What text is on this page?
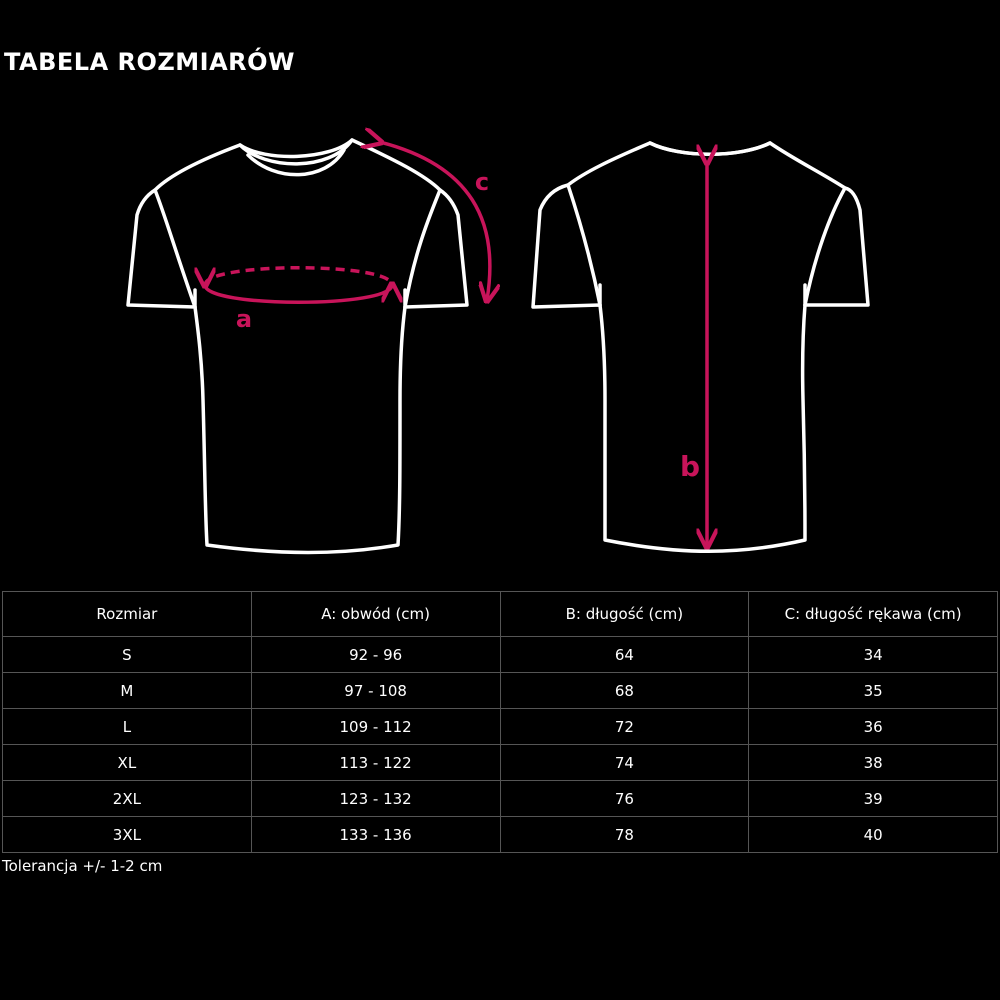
TABELA ROZMIARÓW
a
c
b
Rozmiar	A: obwód (cm)	B: długość (cm)	C: długość rękawa (cm)
S	92 - 96	64	34
M	97 - 108	68	35
L	109 - 112	72	36
XL	113 - 122	74	38
2XL	123 - 132	76	39
3XL	133 - 136	78	40
Tolerancja +/- 1-2 cm
